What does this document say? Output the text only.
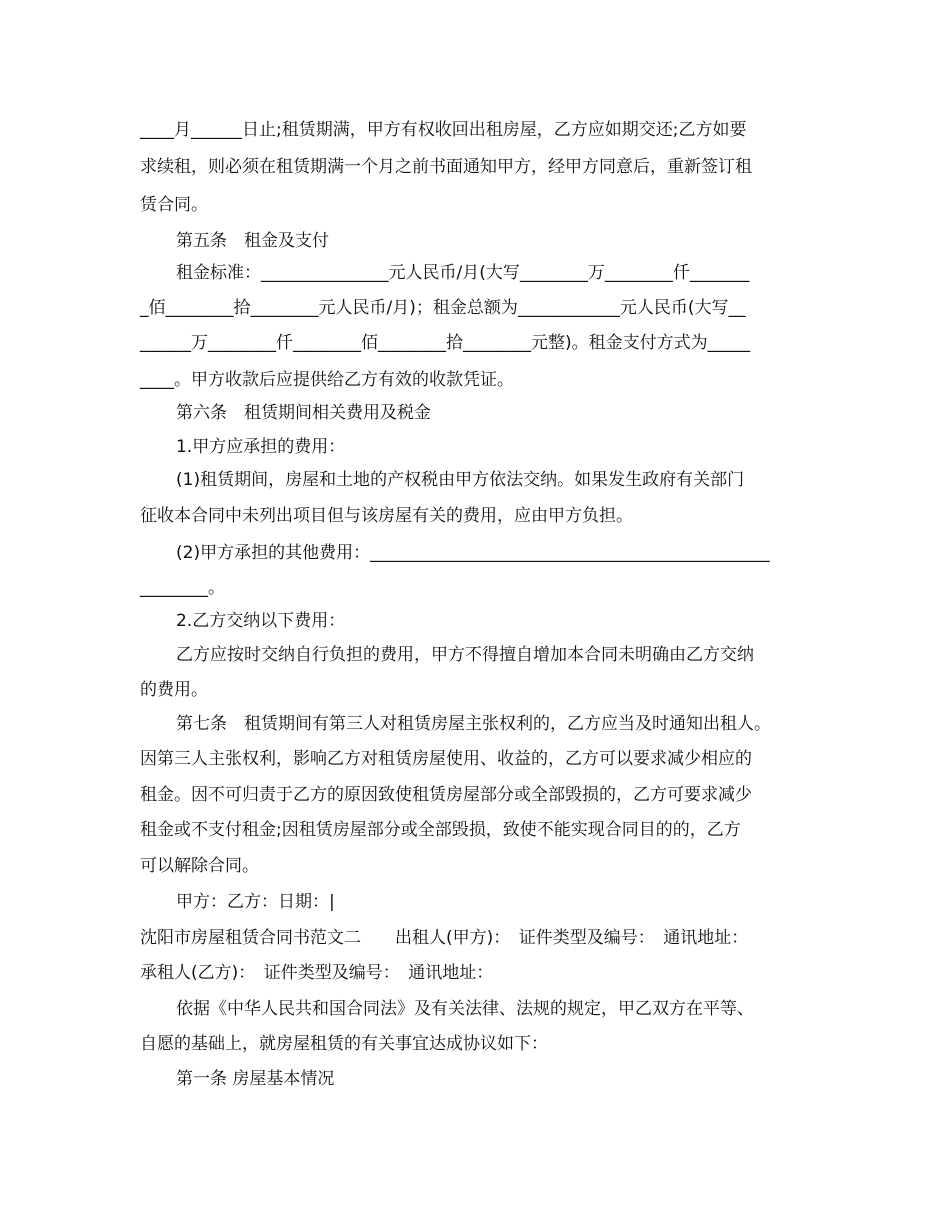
____月______日止;租赁期满，甲方有权收回出租房屋，乙方应如期交还;乙方如要
求续租，则必须在租赁期满一个月之前书面通知甲方，经甲方同意后，重新签订租
赁合同。
第五条　租金及支付
租金标准：_______________元人民币/月(大写________万________仟_______
_佰________拾________元人民币/月)；租金总额为____________元人民币(大写__
______万________仟________佰________拾________元整)。租金支付方式为_____
____。甲方收款后应提供给乙方有效的收款凭证。
第六条　租赁期间相关费用及税金
1.甲方应承担的费用：
(1)租赁期间，房屋和土地的产权税由甲方依法交纳。如果发生政府有关部门
征收本合同中未列出项目但与该房屋有关的费用，应由甲方负担。
(2)甲方承担的其他费用：_______________________________________________
________。
2.乙方交纳以下费用：
乙方应按时交纳自行负担的费用，甲方不得擅自增加本合同未明确由乙方交纳
的费用。
第七条　租赁期间有第三人对租赁房屋主张权利的，乙方应当及时通知出租人。
因第三人主张权利，影响乙方对租赁房屋使用、收益的，乙方可以要求减少相应的
租金。因不可归责于乙方的原因致使租赁房屋部分或全部毁损的，乙方可要求减少
租金或不支付租金;因租赁房屋部分或全部毁损，致使不能实现合同目的的，乙方
可以解除合同。
甲方：乙方：日期：|
沈阳市房屋租赁合同书范文二　　出租人(甲方)：　证件类型及编号：　通讯地址：
承租人(乙方)：　证件类型及编号：　通讯地址：
依据《中华人民共和国合同法》及有关法律、法规的规定，甲乙双方在平等、
自愿的基础上，就房屋租赁的有关事宜达成协议如下：
第一条 房屋基本情况
